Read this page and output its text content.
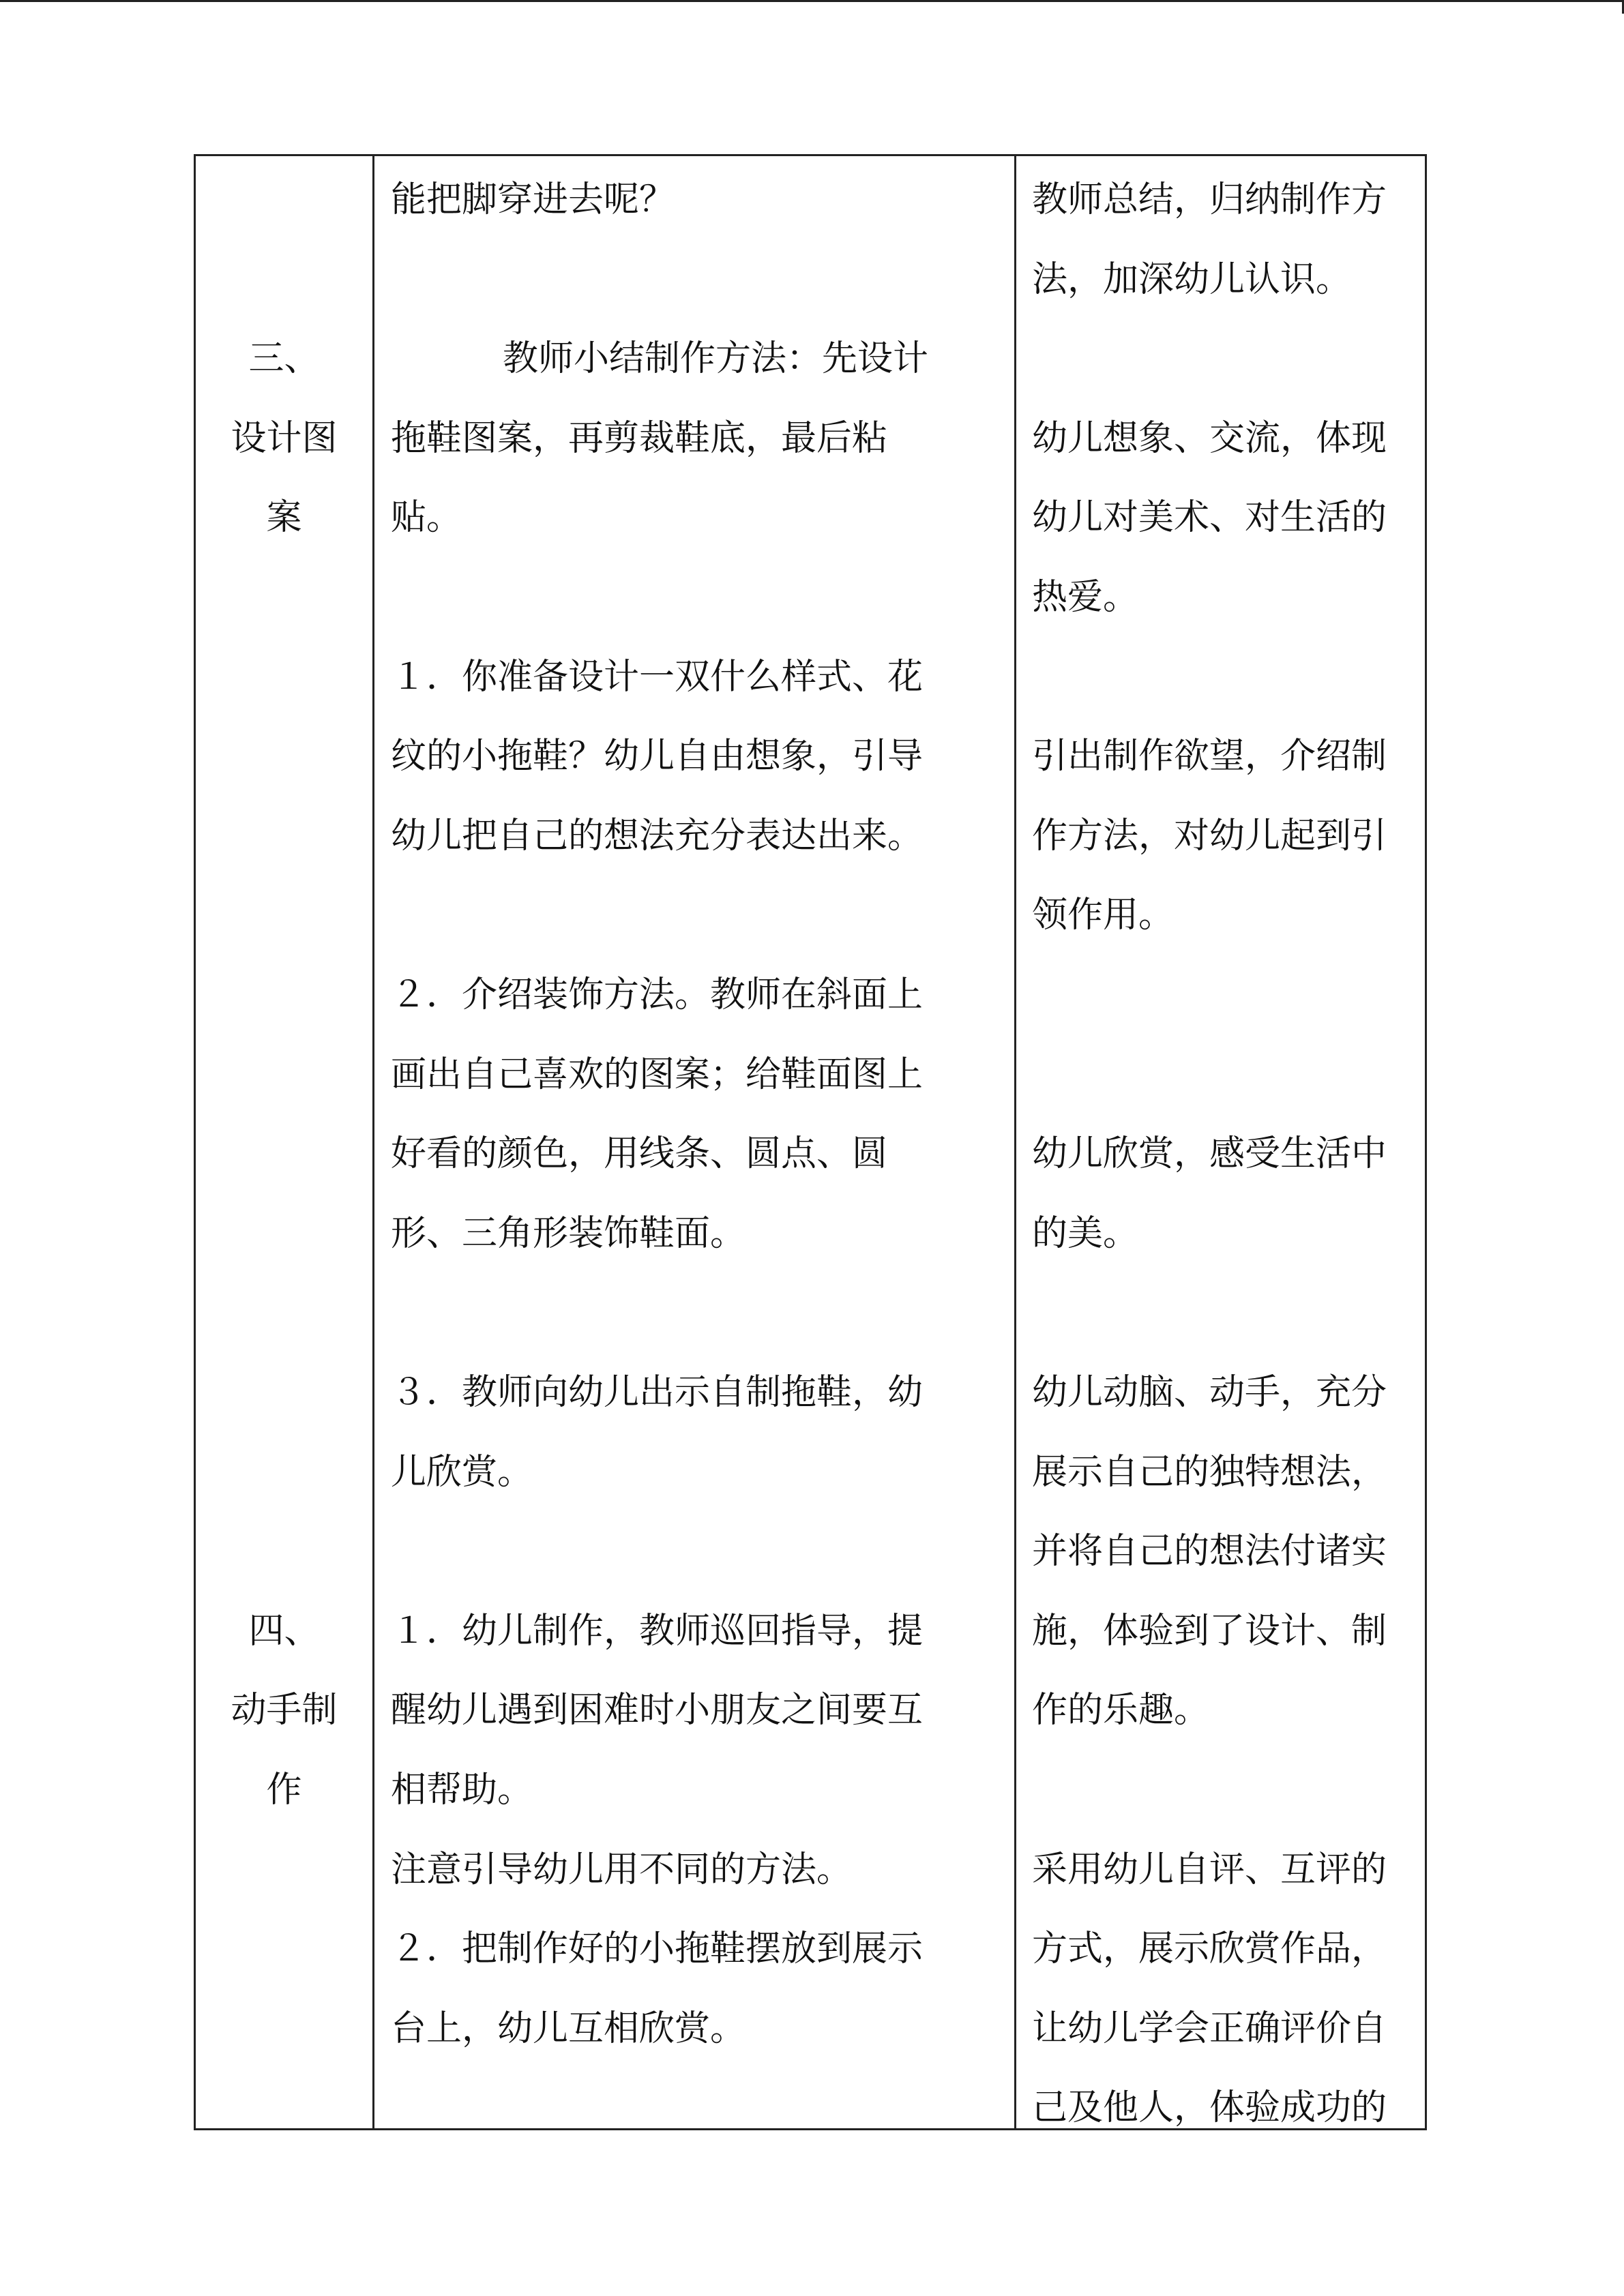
三、
设计图
案
四、
动手制
作
能把脚穿进去呢？
教师小结制作方法：先设计
拖鞋图案，再剪裁鞋底，最后粘
贴。
１．你准备设计一双什么样式、花
纹的小拖鞋？幼儿自由想象，引导
幼儿把自己的想法充分表达出来。
２．介绍装饰方法。教师在斜面上
画出自己喜欢的图案；给鞋面图上
好看的颜色，用线条、圆点、圆
形、三角形装饰鞋面。
３．教师向幼儿出示自制拖鞋，幼
儿欣赏。
１．幼儿制作，教师巡回指导，提
醒幼儿遇到困难时小朋友之间要互
相帮助。
注意引导幼儿用不同的方法。
２．把制作好的小拖鞋摆放到展示
台上，幼儿互相欣赏。
教师总结，归纳制作方
法，加深幼儿认识。
幼儿想象、交流，体现
幼儿对美术、对生活的
热爱。
引出制作欲望，介绍制
作方法，对幼儿起到引
领作用。
幼儿欣赏，感受生活中
的美。
幼儿动脑、动手，充分
展示自己的独特想法，
并将自己的想法付诸实
施，体验到了设计、制
作的乐趣。
采用幼儿自评、互评的
方式，展示欣赏作品，
让幼儿学会正确评价自
己及他人，体验成功的
